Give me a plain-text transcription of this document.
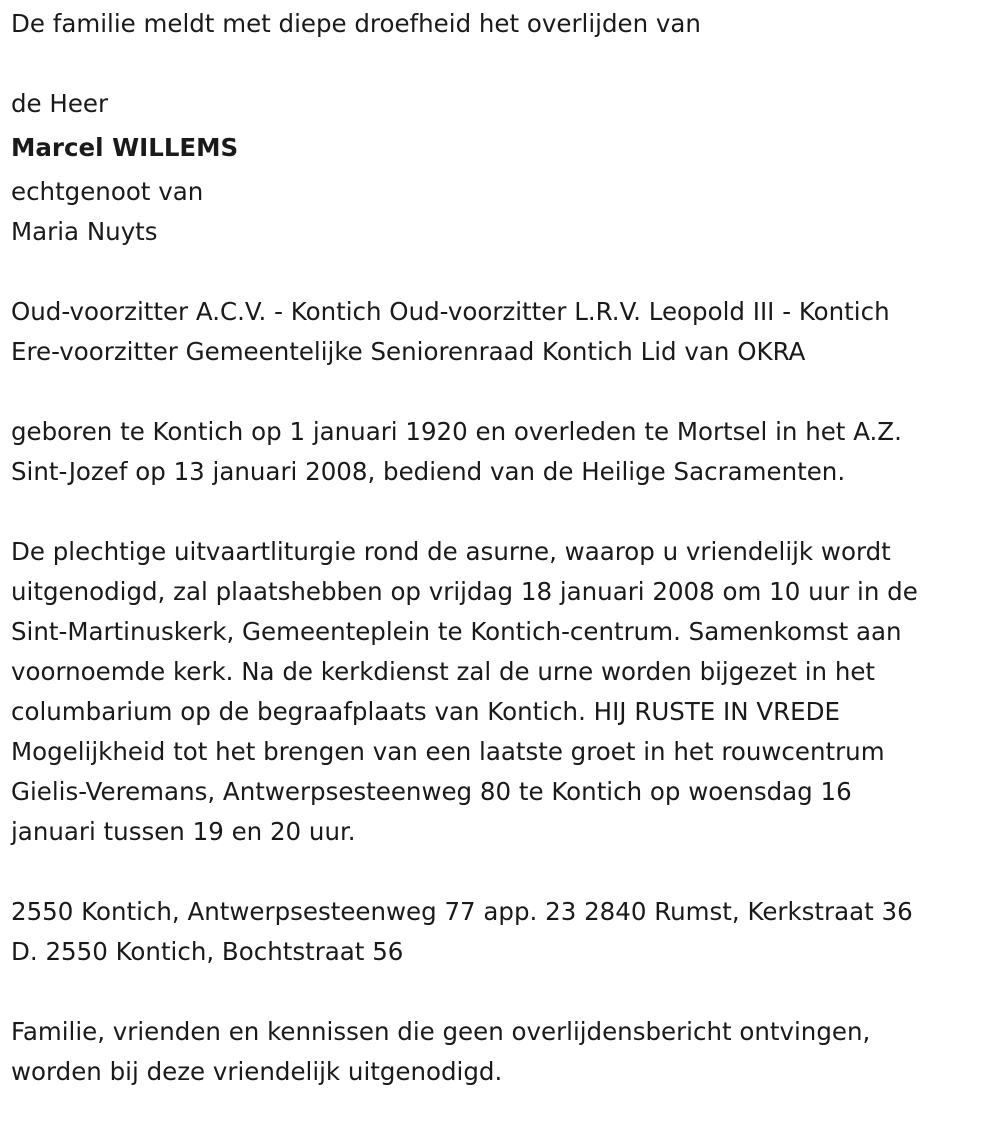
De familie meldt met diepe droefheid het overlijden van
de Heer
Marcel WILLEMS
echtgenoot van
Maria Nuyts
Oud-voorzitter A.C.V. - Kontich Oud-voorzitter L.R.V. Leopold III - Kontich
Ere-voorzitter Gemeentelijke Seniorenraad Kontich Lid van OKRA
geboren te Kontich op 1 januari 1920 en overleden te Mortsel in het A.Z.
Sint-Jozef op 13 januari 2008, bediend van de Heilige Sacramenten.
De plechtige uitvaartliturgie rond de asurne, waarop u vriendelijk wordt
uitgenodigd, zal plaatshebben op vrijdag 18 januari 2008 om 10 uur in de
Sint-Martinuskerk, Gemeenteplein te Kontich-centrum. Samenkomst aan
voornoemde kerk. Na de kerkdienst zal de urne worden bijgezet in het
columbarium op de begraafplaats van Kontich. HIJ RUSTE IN VREDE
Mogelijkheid tot het brengen van een laatste groet in het rouwcentrum
Gielis-Veremans, Antwerpsesteenweg 80 te Kontich op woensdag 16
januari tussen 19 en 20 uur.
2550 Kontich, Antwerpsesteenweg 77 app. 23 2840 Rumst, Kerkstraat 36
D. 2550 Kontich, Bochtstraat 56
Familie, vrienden en kennissen die geen overlijdensbericht ontvingen,
worden bij deze vriendelijk uitgenodigd.
